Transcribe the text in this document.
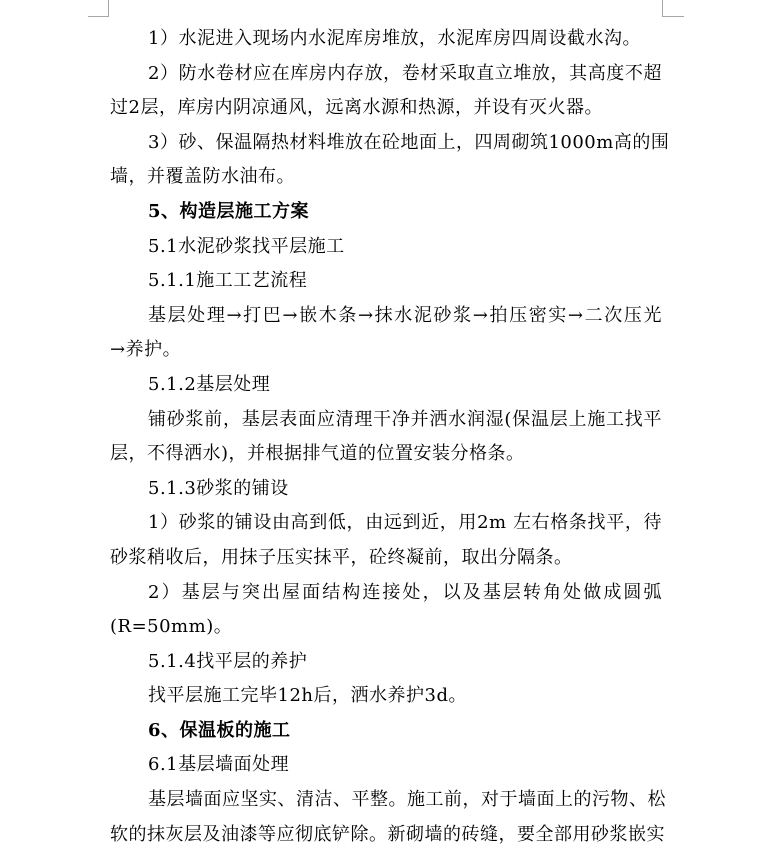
1）水泥进入现场内水泥库房堆放，水泥库房四周设截水沟。
2）防水卷材应在库房内存放，卷材采取直立堆放，其高度不超
过2层，库房内阴凉通风，远离水源和热源，并设有灭火器。
3）砂、保温隔热材料堆放在砼地面上，四周砌筑1000m高的围
墙，并覆盖防水油布。
5、构造层施工方案
5.1水泥砂浆找平层施工
5.1.1施工工艺流程
基层处理→打巴→嵌木条→抹水泥砂浆→拍压密实→二次压光
→养护。
5.1.2基层处理
铺砂浆前，基层表面应清理干净并洒水润湿(保温层上施工找平
层，不得洒水)，并根据排气道的位置安装分格条。
5.1.3砂浆的铺设
1）砂浆的铺设由高到低，由远到近，用2m 左右格条找平，待
砂浆稍收后，用抹子压实抹平，砼终凝前，取出分隔条。
2）基层与突出屋面结构连接处，以及基层转角处做成圆弧
(R=50mm)。
5.1.4找平层的养护
找平层施工完毕12h后，洒水养护3d。
6、保温板的施工
6.1基层墙面处理
基层墙面应坚实、清洁、平整。施工前，对于墙面上的污物、松
软的抹灰层及油漆等应彻底铲除。新砌墙的砖缝，要全部用砂浆嵌实
